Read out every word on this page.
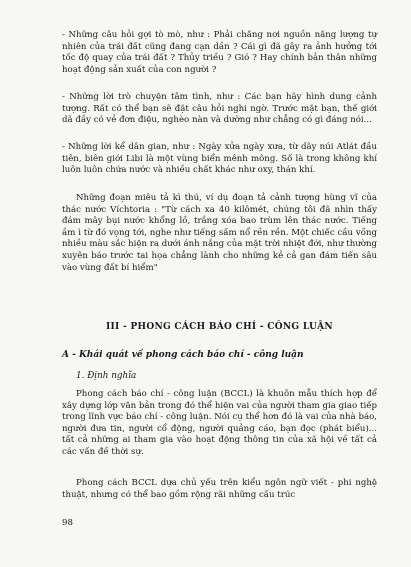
- Những câu hỏi gợi tò mò, như : Phải chăng nơi nguồn năng lượng tự nhiên của trái đất cũng đang cạn dần ? Cái gì đã gây ra ảnh hưởng tới tốc độ quay của trái đất ? Thủy triều ? Gió ? Hay chính bản thân những hoạt động sản xuất của con người ?

- Những lời trò chuyện tâm tình, như : Các bạn hãy hình dung cảnh tượng. Rất có thể bạn sẽ đặt câu hỏi nghi ngờ. Trước mặt bạn, thế giới dã đầy có vẻ đơn điệu, nghèo nàn và dường như chẳng có gì đáng nói...

- Những lời kể dân gian, như : Ngày xửa ngày xưa, từ dãy núi Atlát đầu tiên, biên giới Libi là một vùng biển mênh mông. Số là trong không khí luôn luôn chứa nước và nhiều chất khác như oxy, thán khí.

Những đoạn miêu tả kì thú, ví dụ đoạn tả cảnh tượng hùng vĩ của thác nước Víchtoria : "Từ cách xa 40 kilômét, chúng tôi đã nhìn thấy đám mây bụi nước khổng lồ, trắng xóa bao trùm lên thác nước. Tiếng ầm ì từ đó vọng tới, nghe như tiếng sấm nổ rền rền. Một chiếc cầu vồng nhiều màu sắc hiện ra dưới ánh nắng của mặt trời nhiệt đới, như thường xuyên báo trước tai họa chẳng lành cho những kẻ cả gan đám tiến sâu vào vùng đất bí hiểm"

III - PHONG CÁCH BÁO CHÍ - CÔNG LUẬN

A - Khái quát về phong cách báo chí - công luận

1. Định nghĩa

Phong cách báo chí - công luận (BCCL) là khuôn mẫu thích hợp để xây dựng lớp văn bản trong đó thể hiện vai của người tham gia giao tiếp trong lĩnh vực báo chí - công luận. Nói cụ thể hơn đó là vai của nhà báo, người đưa tin, người cổ động, người quảng cáo, bạn đọc (phát biểu)... tất cả những ai tham gia vào hoạt động thông tin của xã hội về tất cả các vấn đề thời sự.

Phong cách BCCL dựa chủ yếu trên kiểu ngôn ngữ viết - phi nghệ thuật, nhưng có thể bao gồm rộng rãi những cấu trúc

98
